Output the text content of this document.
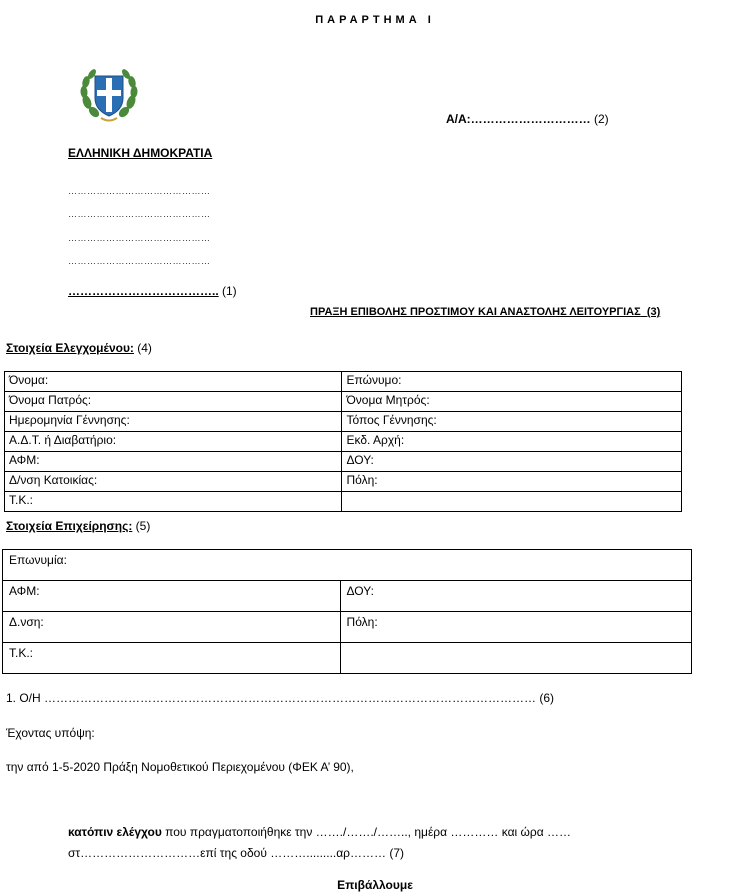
ΠΑΡΑΡΤΗΜΑ Ι
Α/Α:………………………… (2)
ΕΛΛΗΝΙΚΗ ΔΗΜΟΚΡΑΤΙΑ
………………………………………
………………………………………
………………………………………
………………………………………
……………………………….. (1)
ΠΡΑΞΗ ΕΠΙΒΟΛΗΣ ΠΡΟΣΤΙΜΟΥ ΚΑΙ ΑΝΑΣΤΟΛΗΣ ΛΕΙΤΟΥΡΓΙΑΣ (3)
Στοιχεία Ελεγχομένου: (4)
Όνομα:	Επώνυμο:
Όνομα Πατρός:	Όνομα Μητρός:
Ημερομηνία Γέννησης:	Τόπος Γέννησης:
Α.Δ.Τ. ή Διαβατήριο:	Εκδ. Αρχή:
ΑΦΜ:	ΔΟΥ:
Δ/νση Κατοικίας:	Πόλη:
Τ.Κ.:	
Στοιχεία Επιχείρησης: (5)
Επωνυμία:	
ΑΦΜ:	ΔΟΥ:
Δ.νση:	Πόλη:
Τ.Κ.:	
1. Ο/Η …………………………………………………………………………………………………………… (6)
Έχοντας υπόψη:
την από 1-5-2020 Πράξη Νομοθετικού Περιεχομένου (ΦΕΚ Α’ 90),
κατόπιν ελέγχου που πραγματοποιήθηκε την ……./……./…….., ημέρα ………… και ώρα ……
στ…………………………επί της οδού ……….........αρ……… (7)
Επιβάλλουμε
